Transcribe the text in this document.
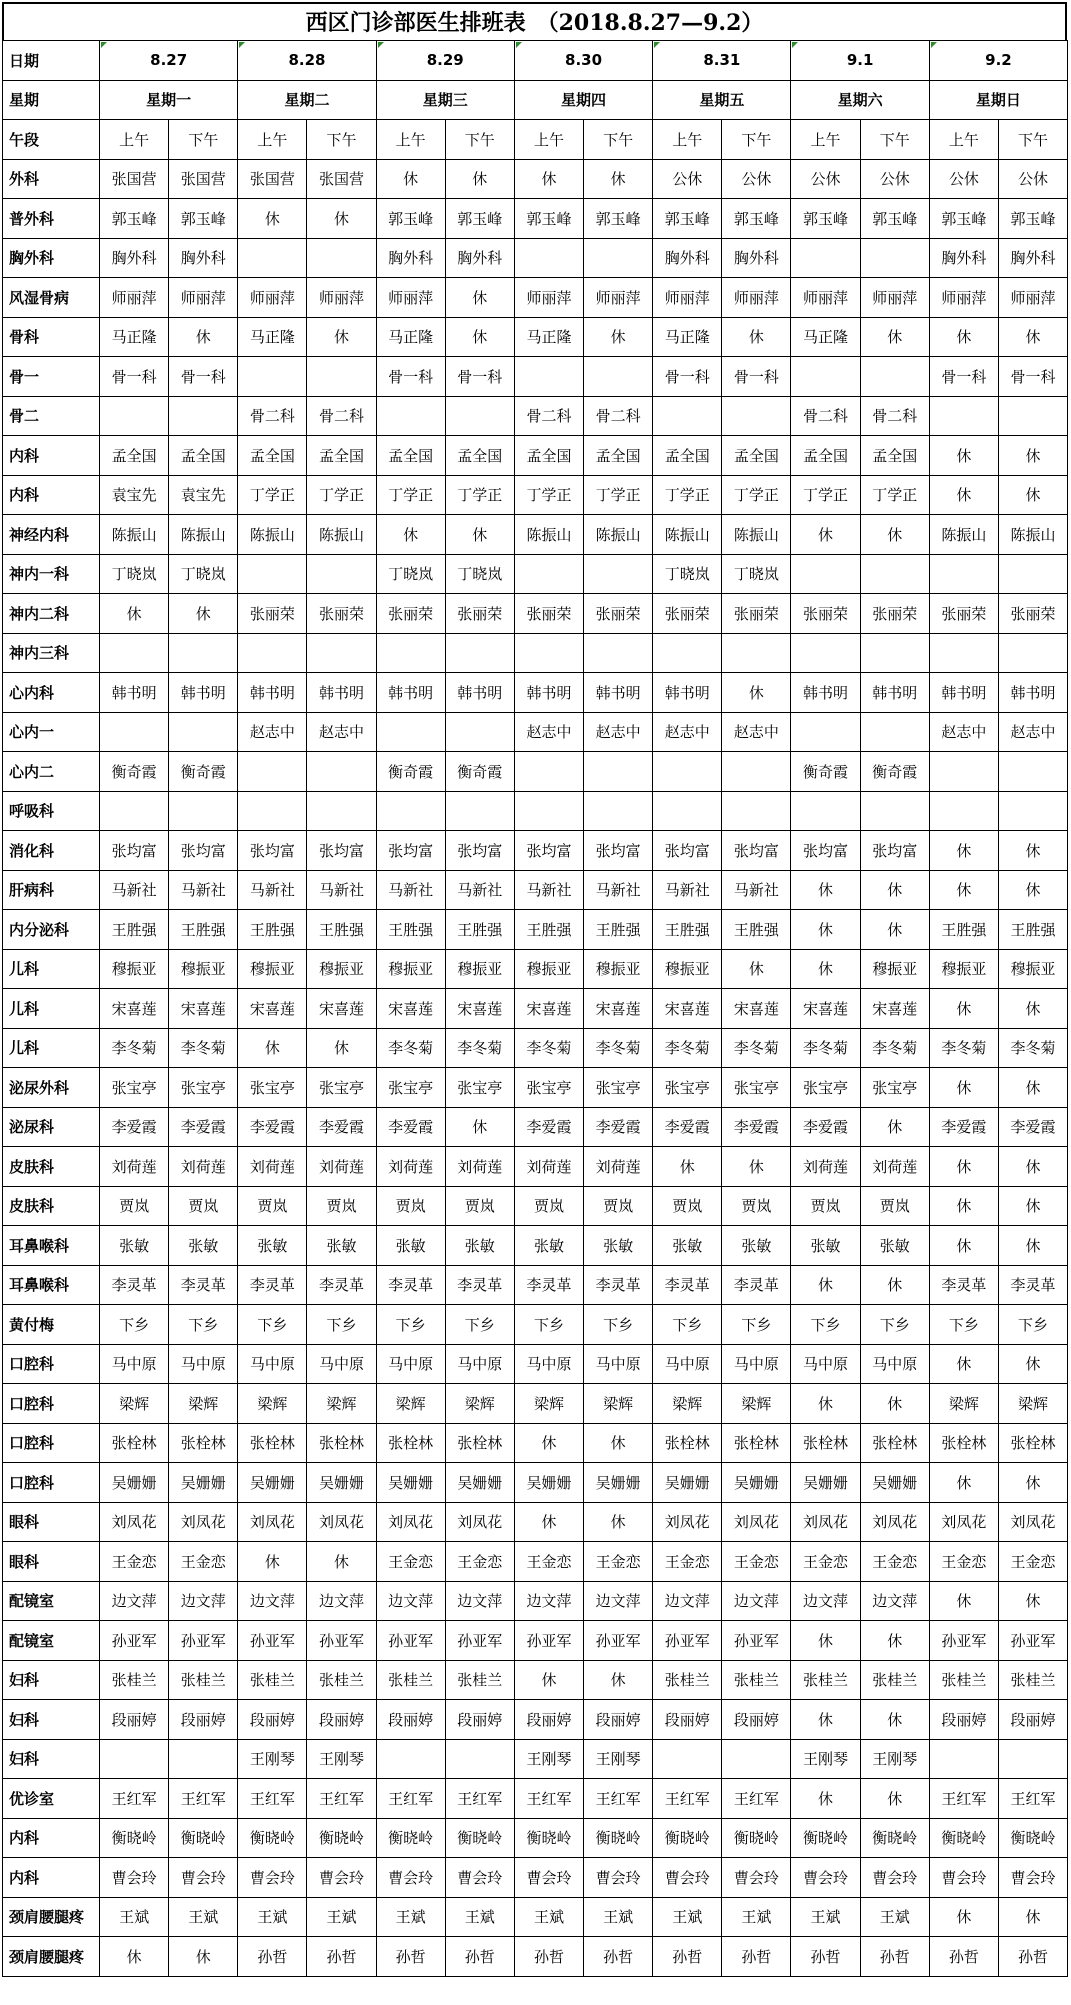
西区门诊部医生排班表　（2018.8.27—9.2）
日期	8.27		8.28		8.29		8.30		8.31		9.1		9.2	
星期	星期一		星期二		星期三		星期四		星期五		星期六		星期日	
午段	上午	下午	上午	下午	上午	下午	上午	下午	上午	下午	上午	下午	上午	下午
外科	张国营	张国营	张国营	张国营	休	休	休	休	公休	公休	公休	公休	公休	公休
普外科	郭玉峰	郭玉峰	休	休	郭玉峰	郭玉峰	郭玉峰	郭玉峰	郭玉峰	郭玉峰	郭玉峰	郭玉峰	郭玉峰	郭玉峰
胸外科	胸外科	胸外科			胸外科	胸外科			胸外科	胸外科			胸外科	胸外科
风湿骨病	师丽萍	师丽萍	师丽萍	师丽萍	师丽萍	休	师丽萍	师丽萍	师丽萍	师丽萍	师丽萍	师丽萍	师丽萍	师丽萍
骨科	马正隆	休	马正隆	休	马正隆	休	马正隆	休	马正隆	休	马正隆	休	休	休
骨一	骨一科	骨一科			骨一科	骨一科			骨一科	骨一科			骨一科	骨一科
骨二			骨二科	骨二科			骨二科	骨二科			骨二科	骨二科		
内科	孟全国	孟全国	孟全国	孟全国	孟全国	孟全国	孟全国	孟全国	孟全国	孟全国	孟全国	孟全国	休	休
内科	袁宝先	袁宝先	丁学正	丁学正	丁学正	丁学正	丁学正	丁学正	丁学正	丁学正	丁学正	丁学正	休	休
神经内科	陈振山	陈振山	陈振山	陈振山	休	休	陈振山	陈振山	陈振山	陈振山	休	休	陈振山	陈振山
神内一科	丁晓岚	丁晓岚			丁晓岚	丁晓岚			丁晓岚	丁晓岚				
神内二科	休	休	张丽荣	张丽荣	张丽荣	张丽荣	张丽荣	张丽荣	张丽荣	张丽荣	张丽荣	张丽荣	张丽荣	张丽荣
神内三科														
心内科	韩书明	韩书明	韩书明	韩书明	韩书明	韩书明	韩书明	韩书明	韩书明	休	韩书明	韩书明	韩书明	韩书明
心内一			赵志中	赵志中			赵志中	赵志中	赵志中	赵志中			赵志中	赵志中
心内二	衡奇霞	衡奇霞			衡奇霞	衡奇霞					衡奇霞	衡奇霞		
呼吸科														
消化科	张均富	张均富	张均富	张均富	张均富	张均富	张均富	张均富	张均富	张均富	张均富	张均富	休	休
肝病科	马新社	马新社	马新社	马新社	马新社	马新社	马新社	马新社	马新社	马新社	休	休	休	休
内分泌科	王胜强	王胜强	王胜强	王胜强	王胜强	王胜强	王胜强	王胜强	王胜强	王胜强	休	休	王胜强	王胜强
儿科	穆振亚	穆振亚	穆振亚	穆振亚	穆振亚	穆振亚	穆振亚	穆振亚	穆振亚	休	休	穆振亚	穆振亚	穆振亚
儿科	宋喜莲	宋喜莲	宋喜莲	宋喜莲	宋喜莲	宋喜莲	宋喜莲	宋喜莲	宋喜莲	宋喜莲	宋喜莲	宋喜莲	休	休
儿科	李冬菊	李冬菊	休	休	李冬菊	李冬菊	李冬菊	李冬菊	李冬菊	李冬菊	李冬菊	李冬菊	李冬菊	李冬菊
泌尿外科	张宝亭	张宝亭	张宝亭	张宝亭	张宝亭	张宝亭	张宝亭	张宝亭	张宝亭	张宝亭	张宝亭	张宝亭	休	休
泌尿科	李爱霞	李爱霞	李爱霞	李爱霞	李爱霞	休	李爱霞	李爱霞	李爱霞	李爱霞	李爱霞	休	李爱霞	李爱霞
皮肤科	刘荷莲	刘荷莲	刘荷莲	刘荷莲	刘荷莲	刘荷莲	刘荷莲	刘荷莲	休	休	刘荷莲	刘荷莲	休	休
皮肤科	贾岚	贾岚	贾岚	贾岚	贾岚	贾岚	贾岚	贾岚	贾岚	贾岚	贾岚	贾岚	休	休
耳鼻喉科	张敏	张敏	张敏	张敏	张敏	张敏	张敏	张敏	张敏	张敏	张敏	张敏	休	休
耳鼻喉科	李灵革	李灵革	李灵革	李灵革	李灵革	李灵革	李灵革	李灵革	李灵革	李灵革	休	休	李灵革	李灵革
黄付梅	下乡	下乡	下乡	下乡	下乡	下乡	下乡	下乡	下乡	下乡	下乡	下乡	下乡	下乡
口腔科	马中原	马中原	马中原	马中原	马中原	马中原	马中原	马中原	马中原	马中原	马中原	马中原	休	休
口腔科	梁辉	梁辉	梁辉	梁辉	梁辉	梁辉	梁辉	梁辉	梁辉	梁辉	休	休	梁辉	梁辉
口腔科	张栓林	张栓林	张栓林	张栓林	张栓林	张栓林	休	休	张栓林	张栓林	张栓林	张栓林	张栓林	张栓林
口腔科	吴姗姗	吴姗姗	吴姗姗	吴姗姗	吴姗姗	吴姗姗	吴姗姗	吴姗姗	吴姗姗	吴姗姗	吴姗姗	吴姗姗	休	休
眼科	刘凤花	刘凤花	刘凤花	刘凤花	刘凤花	刘凤花	休	休	刘凤花	刘凤花	刘凤花	刘凤花	刘凤花	刘凤花
眼科	王金恋	王金恋	休	休	王金恋	王金恋	王金恋	王金恋	王金恋	王金恋	王金恋	王金恋	王金恋	王金恋
配镜室	边文萍	边文萍	边文萍	边文萍	边文萍	边文萍	边文萍	边文萍	边文萍	边文萍	边文萍	边文萍	休	休
配镜室	孙亚军	孙亚军	孙亚军	孙亚军	孙亚军	孙亚军	孙亚军	孙亚军	孙亚军	孙亚军	休	休	孙亚军	孙亚军
妇科	张桂兰	张桂兰	张桂兰	张桂兰	张桂兰	张桂兰	休	休	张桂兰	张桂兰	张桂兰	张桂兰	张桂兰	张桂兰
妇科	段丽婷	段丽婷	段丽婷	段丽婷	段丽婷	段丽婷	段丽婷	段丽婷	段丽婷	段丽婷	休	休	段丽婷	段丽婷
妇科			王刚琴	王刚琴			王刚琴	王刚琴			王刚琴	王刚琴		
优诊室	王红军	王红军	王红军	王红军	王红军	王红军	王红军	王红军	王红军	王红军	休	休	王红军	王红军
内科	衡晓岭	衡晓岭	衡晓岭	衡晓岭	衡晓岭	衡晓岭	衡晓岭	衡晓岭	衡晓岭	衡晓岭	衡晓岭	衡晓岭	衡晓岭	衡晓岭
内科	曹会玲	曹会玲	曹会玲	曹会玲	曹会玲	曹会玲	曹会玲	曹会玲	曹会玲	曹会玲	曹会玲	曹会玲	曹会玲	曹会玲
颈肩腰腿疼	王斌	王斌	王斌	王斌	王斌	王斌	王斌	王斌	王斌	王斌	王斌	王斌	休	休
颈肩腰腿疼	休	休	孙哲	孙哲	孙哲	孙哲	孙哲	孙哲	孙哲	孙哲	孙哲	孙哲	孙哲	孙哲
